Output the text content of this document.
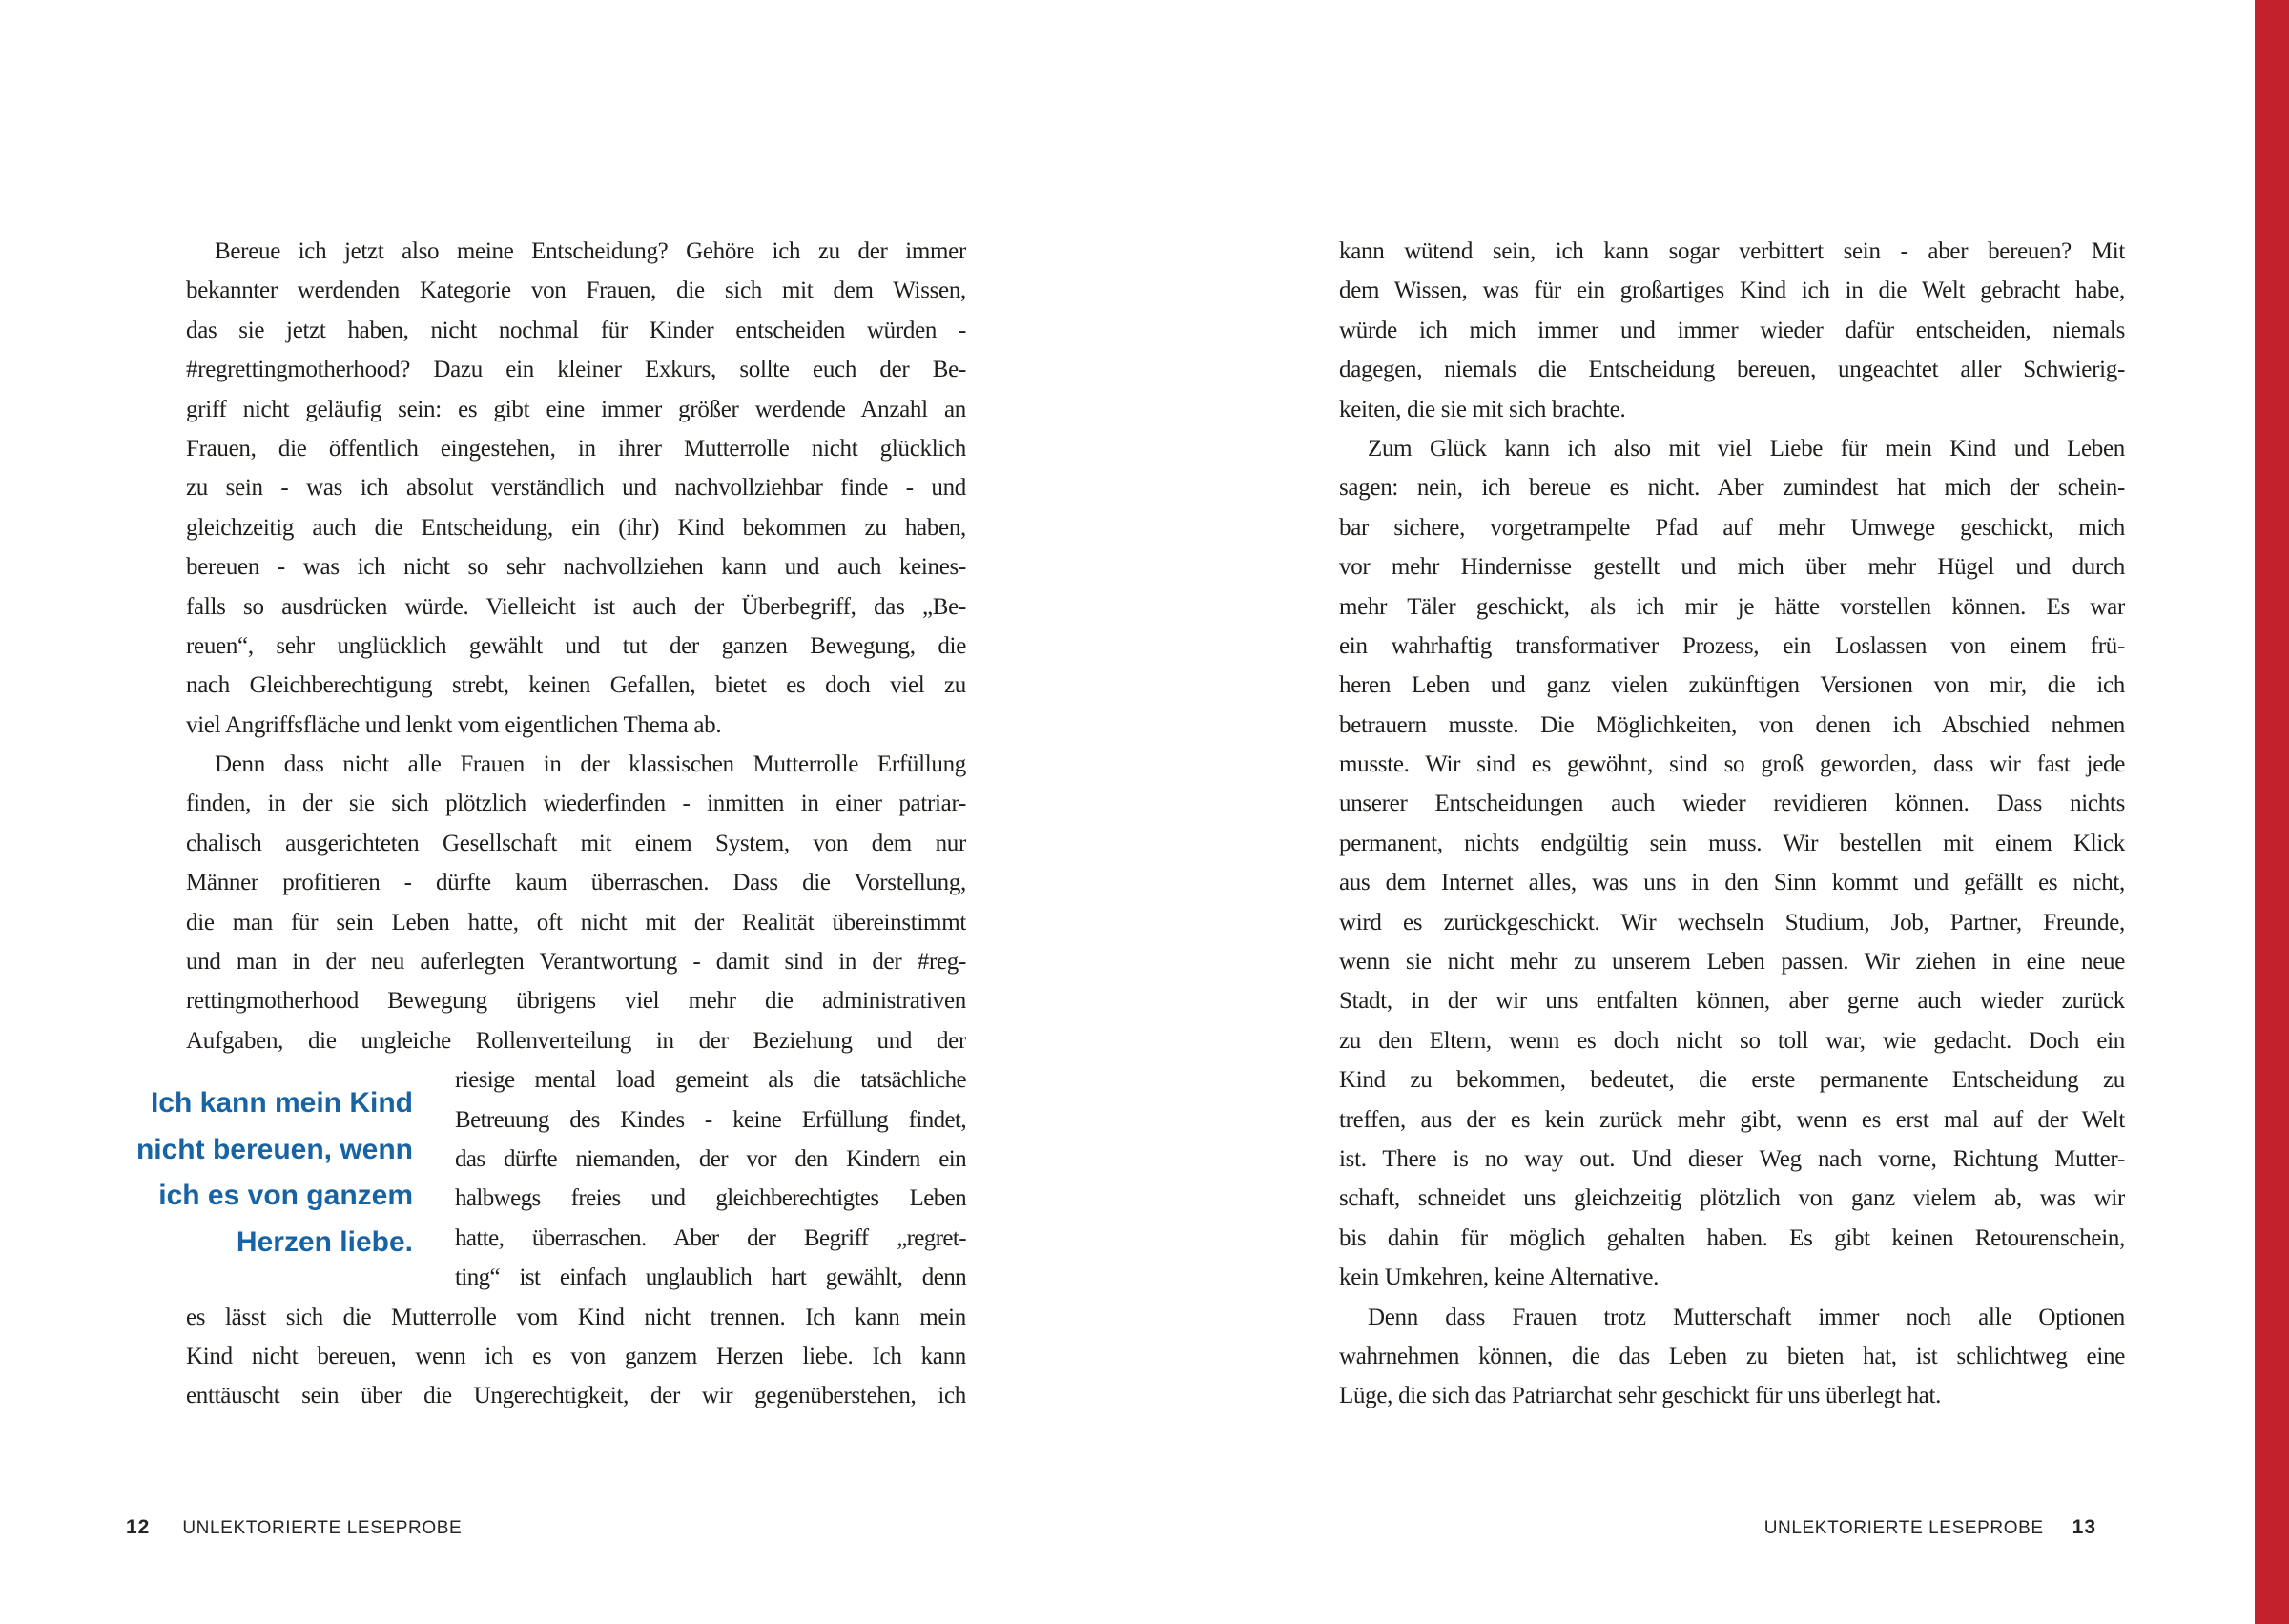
Bereue ich jetzt also meine Entscheidung? Gehöre ich zu der immer
bekannter werdenden Kategorie von Frauen, die sich mit dem Wissen,
das sie jetzt haben, nicht nochmal für Kinder entscheiden würden -
#regrettingmotherhood? Dazu ein kleiner Exkurs, sollte euch der Be-
griff nicht geläufig sein: es gibt eine immer größer werdende Anzahl an
Frauen, die öffentlich eingestehen, in ihrer Mutterrolle nicht glücklich
zu sein - was ich absolut verständlich und nachvollziehbar finde - und
gleichzeitig auch die Entscheidung, ein (ihr) Kind bekommen zu haben,
bereuen - was ich nicht so sehr nachvollziehen kann und auch keines-
falls so ausdrücken würde. Vielleicht ist auch der Überbegriff, das „Be-
reuen“, sehr unglücklich gewählt und tut der ganzen Bewegung, die
nach Gleichberechtigung strebt, keinen Gefallen, bietet es doch viel zu
viel Angriffsfläche und lenkt vom eigentlichen Thema ab.
Denn dass nicht alle Frauen in der klassischen Mutterrolle Erfüllung
finden, in der sie sich plötzlich wiederfinden - inmitten in einer patriar-
chalisch ausgerichteten Gesellschaft mit einem System, von dem nur
Männer profitieren - dürfte kaum überraschen. Dass die Vorstellung,
die man für sein Leben hatte, oft nicht mit der Realität übereinstimmt
und man in der neu auferlegten Verantwortung - damit sind in der #reg-
rettingmotherhood Bewegung übrigens viel mehr die administrativen
Aufgaben, die ungleiche Rollenverteilung in der Beziehung und der
riesige mental load gemeint als die tatsächliche
Betreuung des Kindes - keine Erfüllung findet,
das dürfte niemanden, der vor den Kindern ein
halbwegs freies und gleichberechtigtes Leben
hatte, überraschen. Aber der Begriff „regret-
ting“ ist einfach unglaublich hart gewählt, denn
es lässt sich die Mutterrolle vom Kind nicht trennen. Ich kann mein
Kind nicht bereuen, wenn ich es von ganzem Herzen liebe. Ich kann
enttäuscht sein über die Ungerechtigkeit, der wir gegenüberstehen, ich
Ich kann mein Kind
nicht bereuen, wenn
ich es von ganzem
Herzen liebe.
12 UNLEKTORIERTE LESEPROBE
kann wütend sein, ich kann sogar verbittert sein - aber bereuen? Mit
dem Wissen, was für ein großartiges Kind ich in die Welt gebracht habe,
würde ich mich immer und immer wieder dafür entscheiden, niemals
dagegen, niemals die Entscheidung bereuen, ungeachtet aller Schwierig-
keiten, die sie mit sich brachte.
Zum Glück kann ich also mit viel Liebe für mein Kind und Leben
sagen: nein, ich bereue es nicht. Aber zumindest hat mich der schein-
bar sichere, vorgetrampelte Pfad auf mehr Umwege geschickt, mich
vor mehr Hindernisse gestellt und mich über mehr Hügel und durch
mehr Täler geschickt, als ich mir je hätte vorstellen können. Es war
ein wahrhaftig transformativer Prozess, ein Loslassen von einem frü-
heren Leben und ganz vielen zukünftigen Versionen von mir, die ich
betrauern musste. Die Möglichkeiten, von denen ich Abschied nehmen
musste. Wir sind es gewöhnt, sind so groß geworden, dass wir fast jede
unserer Entscheidungen auch wieder revidieren können. Dass nichts
permanent, nichts endgültig sein muss. Wir bestellen mit einem Klick
aus dem Internet alles, was uns in den Sinn kommt und gefällt es nicht,
wird es zurückgeschickt. Wir wechseln Studium, Job, Partner, Freunde,
wenn sie nicht mehr zu unserem Leben passen. Wir ziehen in eine neue
Stadt, in der wir uns entfalten können, aber gerne auch wieder zurück
zu den Eltern, wenn es doch nicht so toll war, wie gedacht. Doch ein
Kind zu bekommen, bedeutet, die erste permanente Entscheidung zu
treffen, aus der es kein zurück mehr gibt, wenn es erst mal auf der Welt
ist. There is no way out. Und dieser Weg nach vorne, Richtung Mutter-
schaft, schneidet uns gleichzeitig plötzlich von ganz vielem ab, was wir
bis dahin für möglich gehalten haben. Es gibt keinen Retourenschein,
kein Umkehren, keine Alternative.
Denn dass Frauen trotz Mutterschaft immer noch alle Optionen
wahrnehmen können, die das Leben zu bieten hat, ist schlichtweg eine
Lüge, die sich das Patriarchat sehr geschickt für uns überlegt hat.
UNLEKTORIERTE LESEPROBE 13
